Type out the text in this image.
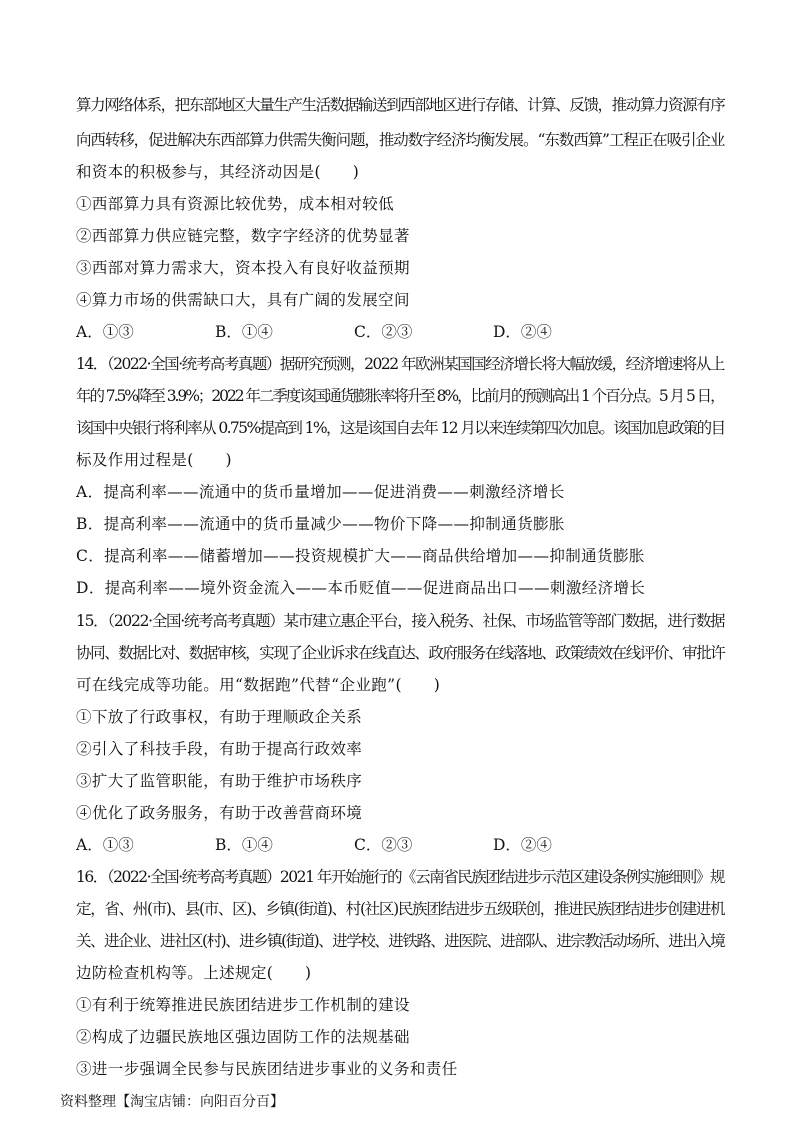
算力网络体系，把东部地区大量生产生活数据输送到西部地区进行存储、计算、反馈，推动算力资源有序
向西转移，促进解决东西部算力供需失衡问题，推动数字经济均衡发展。“东数西算”工程正在吸引企业
和资本的积极参与，其经济动因是(　　)
①西部算力具有资源比较优势，成本相对较低
②西部算力供应链完整，数字字经济的优势显著
③西部对算力需求大，资本投入有良好收益预期
④算力市场的供需缺口大，具有广阔的发展空间
A．①③	B．①④	C．②③	D．②④
14．（2022·全国·统考高考真题）据研究预测，2022 年欧洲某国国经济增长将大幅放缓，经济增速将从上
年的 7.5%降至 3.9%；2022 年二季度该国通货膨胀率将升至 8%，比前月的预测高出 1 个百分点。5 月 5 日，
该国中央银行将利率从 0.75%提高到 1%，这是该国自去年 12 月以来连续第四次加息。该国加息政策的目
标及作用过程是(　　)
A．提高利率——流通中的货币量增加——促进消费——刺激经济增长
B．提高利率——流通中的货币量减少——物价下降——抑制通货膨胀
C．提高利率——储蓄增加——投资规模扩大——商品供给增加——抑制通货膨胀
D．提高利率——境外资金流入——本币贬值——促进商品出口——刺激经济增长
15．（2022·全国·统考高考真题）某市建立惠企平台，接入税务、社保、市场监管等部门数据，进行数据
协同、数据比对、数据审核，实现了企业诉求在线直达、政府服务在线落地、政策绩效在线评价、审批许
可在线完成等功能。用“数据跑”代替“企业跑”(　　)
①下放了行政事权，有助于理顺政企关系
②引入了科技手段，有助于提高行政效率
③扩大了监管职能，有助于维护市场秩序
④优化了政务服务，有助于改善营商环境
A．①③	B．①④	C．②③	D．②④
16．（2022·全国·统考高考真题）2021 年开始施行的《云南省民族团结进步示范区建设条例实施细则》规
定，省、州(市)、县(市、区)、乡镇(街道)、村(社区)民族团结进步五级联创，推进民族团结进步创建进机
关、进企业、进社区(村)、进乡镇(街道)、进学校、进铁路、进医院、进部队、进宗教活动场所、进出入境
边防检查机构等。上述规定(　　)
①有利于统筹推进民族团结进步工作机制的建设
②构成了边疆民族地区强边固防工作的法规基础
③进一步强调全民参与民族团结进步事业的义务和责任
资料整理【淘宝店铺：向阳百分百】
